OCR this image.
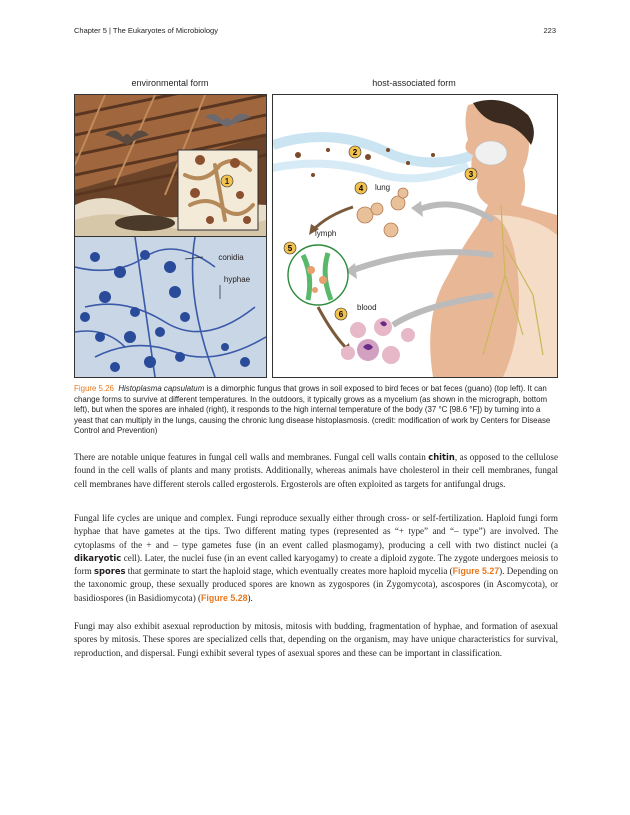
Chapter 5 | The Eukaryotes of Microbiology	223
environmental form	host-associated form
1
conidia
hyphae
2
3
4 lung
5
lymph
6
blood
Figure 5.26 Histoplasma capsulatum is a dimorphic fungus that grows in soil exposed to bird feces or bat feces (guano) (top left). It can change forms to survive at different temperatures. In the outdoors, it typically grows as a mycelium (as shown in the micrograph, bottom left), but when the spores are inhaled (right), it responds to the high internal temperature of the body (37 °C [98.6 °F]) by turning into a yeast that can multiply in the lungs, causing the chronic lung disease histoplasmosis. (credit: modification of work by Centers for Disease Control and Prevention)
There are notable unique features in fungal cell walls and membranes. Fungal cell walls contain chitin, as opposed to the cellulose found in the cell walls of plants and many protists. Additionally, whereas animals have cholesterol in their cell membranes, fungal cell membranes have different sterols called ergosterols. Ergosterols are often exploited as targets for antifungal drugs.
Fungal life cycles are unique and complex. Fungi reproduce sexually either through cross- or self-fertilization. Haploid fungi form hyphae that have gametes at the tips. Two different mating types (represented as “+ type” and “– type”) are involved. The cytoplasms of the + and – type gametes fuse (in an event called plasmogamy), producing a cell with two distinct nuclei (a dikaryotic cell). Later, the nuclei fuse (in an event called karyogamy) to create a diploid zygote. The zygote undergoes meiosis to form spores that germinate to start the haploid stage, which eventually creates more haploid mycelia (Figure 5.27). Depending on the taxonomic group, these sexually produced spores are known as zygospores (in Zygomycota), ascospores (in Ascomycota), or basidiospores (in Basidiomycota) (Figure 5.28).
Fungi may also exhibit asexual reproduction by mitosis, mitosis with budding, fragmentation of hyphae, and formation of asexual spores by mitosis. These spores are specialized cells that, depending on the organism, may have unique characteristics for survival, reproduction, and dispersal. Fungi exhibit several types of asexual spores and these can be important in classification.
